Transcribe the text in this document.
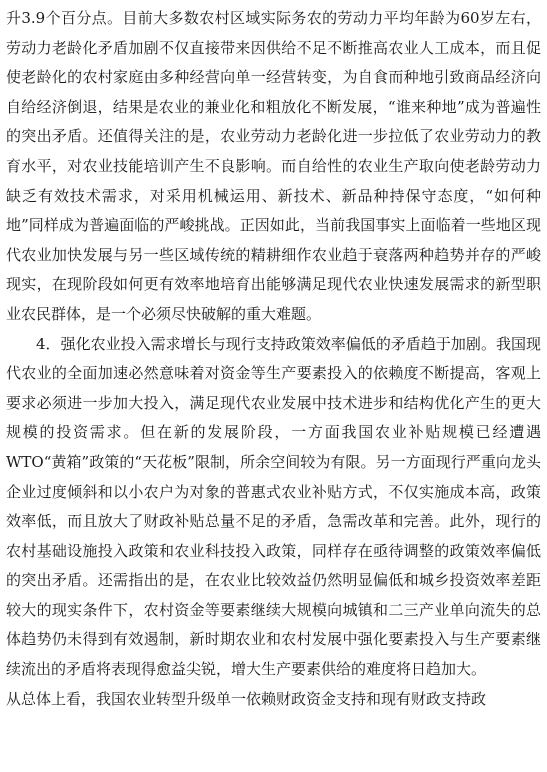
升3.9个百分点。目前大多数农村区域实际务农的劳动力平均年龄为60岁左右，劳动力老龄化矛盾加剧不仅直接带来因供给不足不断推高农业人工成本，而且促使老龄化的农村家庭由多种经营向单一经营转变，为自食而种地引致商品经济向自给经济倒退，结果是农业的兼业化和粗放化不断发展，“谁来种地”成为普遍性的突出矛盾。还值得关注的是，农业劳动力老龄化进一步拉低了农业劳动力的教育水平，对农业技能培训产生不良影响。而自给性的农业生产取向使老龄劳动力缺乏有效技术需求，对采用机械运用、新技术、新品种持保守态度，“如何种地”同样成为普遍面临的严峻挑战。正因如此，当前我国事实上面临着一些地区现代农业加快发展与另一些区域传统的精耕细作农业趋于衰落两种趋势并存的严峻现实，在现阶段如何更有效率地培育出能够满足现代农业快速发展需求的新型职业农民群体，是一个必须尽快破解的重大难题。

4．强化农业投入需求增长与现行支持政策效率偏低的矛盾趋于加剧。我国现代农业的全面加速必然意味着对资金等生产要素投入的依赖度不断提高，客观上要求必须进一步加大投入，满足现代农业发展中技术进步和结构优化产生的更大规模的投资需求。但在新的发展阶段，一方面我国农业补贴规模已经遭遇WTO“黄箱”政策的“天花板”限制，所余空间较为有限。另一方面现行严重向龙头企业过度倾斜和以小农户为对象的普惠式农业补贴方式，不仅实施成本高，政策效率低，而且放大了财政补贴总量不足的矛盾，急需改革和完善。此外，现行的农村基础设施投入政策和农业科技投入政策，同样存在亟待调整的政策效率偏低的突出矛盾。还需指出的是，在农业比较效益仍然明显偏低和城乡投资效率差距较大的现实条件下，农村资金等要素继续大规模向城镇和二三产业单向流失的总体趋势仍未得到有效遏制，新时期农业和农村发展中强化要素投入与生产要素继续流出的矛盾将表现得愈益尖锐，增大生产要素供给的难度将日趋加大。

从总体上看，我国农业转型升级单一依赖财政资金支持和现有财政支持政
